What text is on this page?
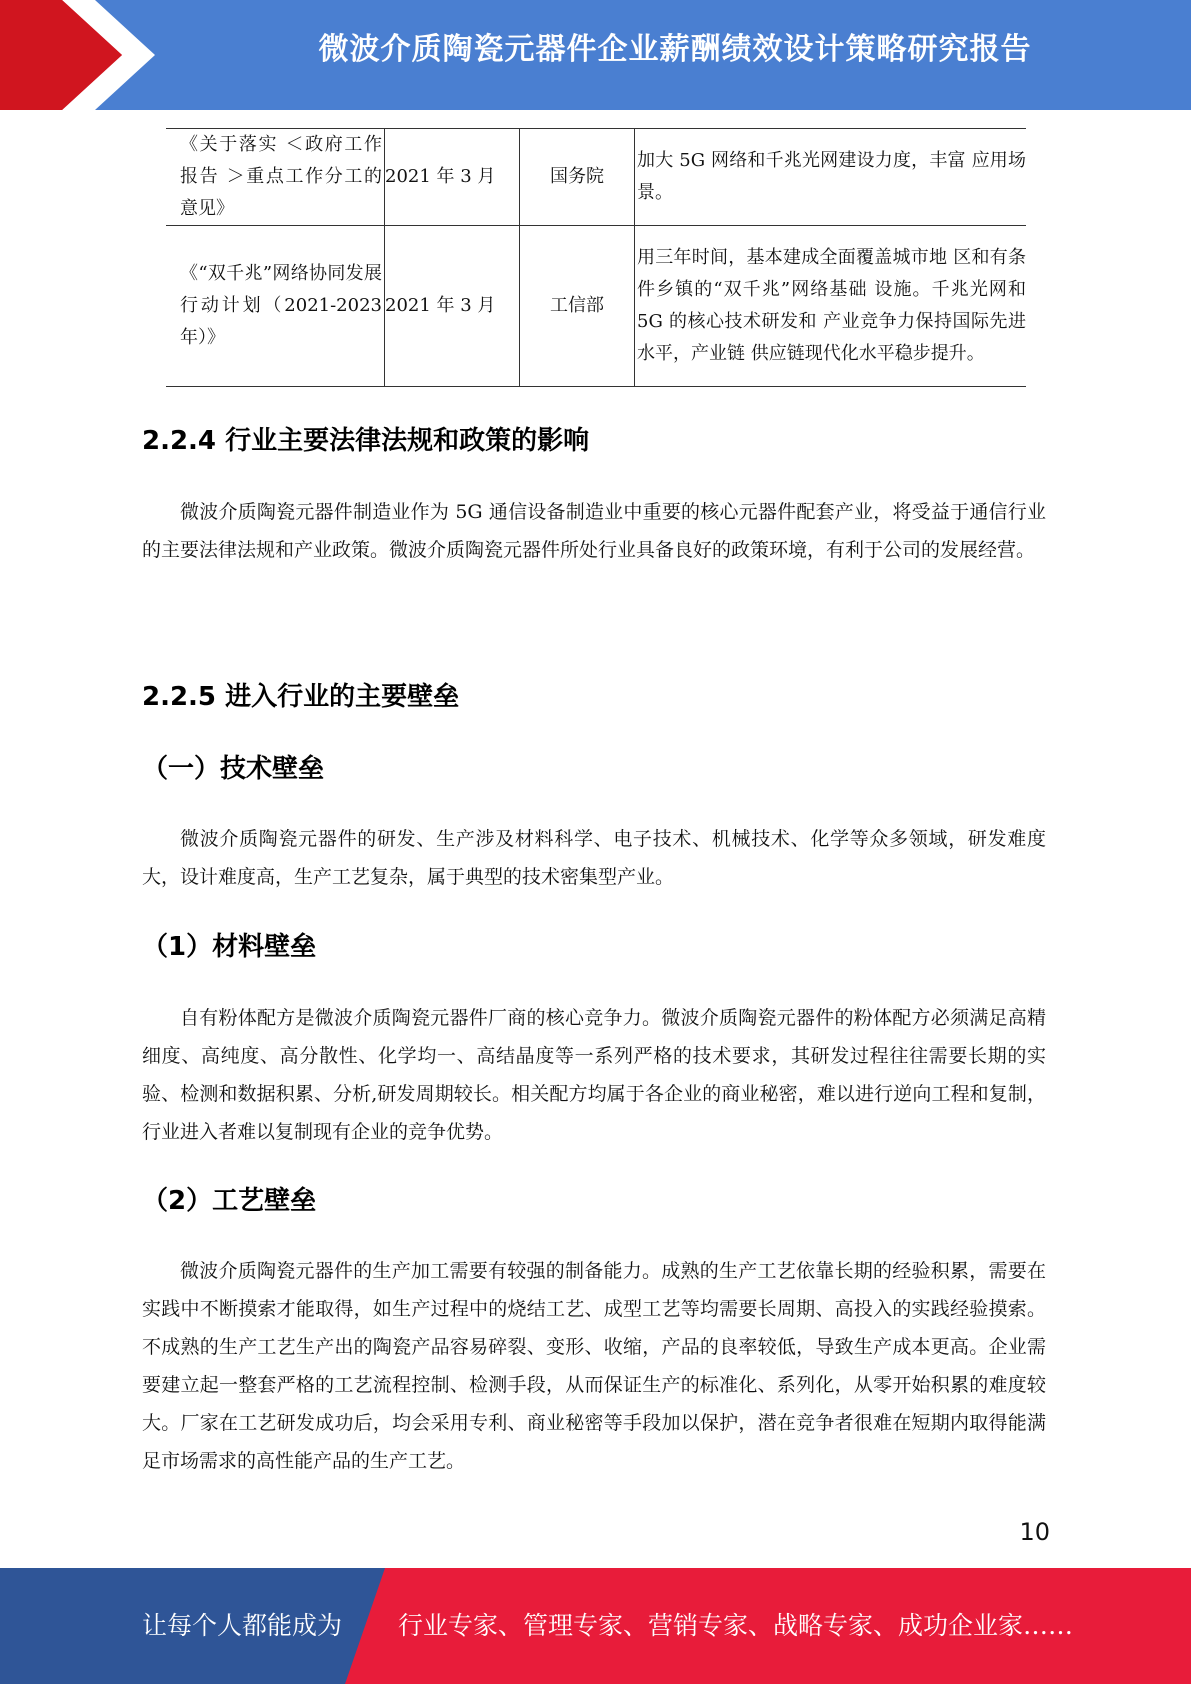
微波介质陶瓷元器件企业薪酬绩效设计策略研究报告
《关于落实 ＜政府工作报告 ＞重点工作分工的意见》	2021 年 3 月	国务院	加大 5G 网络和千兆光网建设力度，丰富 应用场景。
《“双千兆”网络协同发展行动计划（2021-2023 年）》	2021 年 3 月	工信部	用三年时间，基本建成全面覆盖城市地 区和有条件乡镇的“双千兆”网络基础 设施。千兆光网和 5G 的核心技术研发和 产业竞争力保持国际先进水平，产业链 供应链现代化水平稳步提升。
2.2.4 行业主要法律法规和政策的影响

微波介质陶瓷元器件制造业作为 5G 通信设备制造业中重要的核心元器件配套产业，将受益于通信行业的主要法律法规和产业政策。微波介质陶瓷元器件所处行业具备良好的政策环境，有利于公司的发展经营。

2.2.5 进入行业的主要壁垒
（一）技术壁垒

微波介质陶瓷元器件的研发、生产涉及材料科学、电子技术、机械技术、化学等众多领域，研发难度大，设计难度高，生产工艺复杂，属于典型的技术密集型产业。

（1）材料壁垒

自有粉体配方是微波介质陶瓷元器件厂商的核心竞争力。微波介质陶瓷元器件的粉体配方必须满足高精细度、高纯度、高分散性、化学均一、高结晶度等一系列严格的技术要求，其研发过程往往需要长期的实验、检测和数据积累、分析,研发周期较长。相关配方均属于各企业的商业秘密，难以进行逆向工程和复制，行业进入者难以复制现有企业的竞争优势。

（2）工艺壁垒

微波介质陶瓷元器件的生产加工需要有较强的制备能力。成熟的生产工艺依靠长期的经验积累，需要在实践中不断摸索才能取得，如生产过程中的烧结工艺、成型工艺等均需要长周期、高投入的实践经验摸索。不成熟的生产工艺生产出的陶瓷产品容易碎裂、变形、收缩，产品的良率较低，导致生产成本更高。企业需要建立起一整套严格的工艺流程控制、检测手段，从而保证生产的标准化、系列化，从零开始积累的难度较大。厂家在工艺研发成功后，均会采用专利、商业秘密等手段加以保护，潜在竞争者很难在短期内取得能满足市场需求的高性能产品的生产工艺。

10
让每个人都能成为 行业专家、管理专家、营销专家、战略专家、成功企业家……
